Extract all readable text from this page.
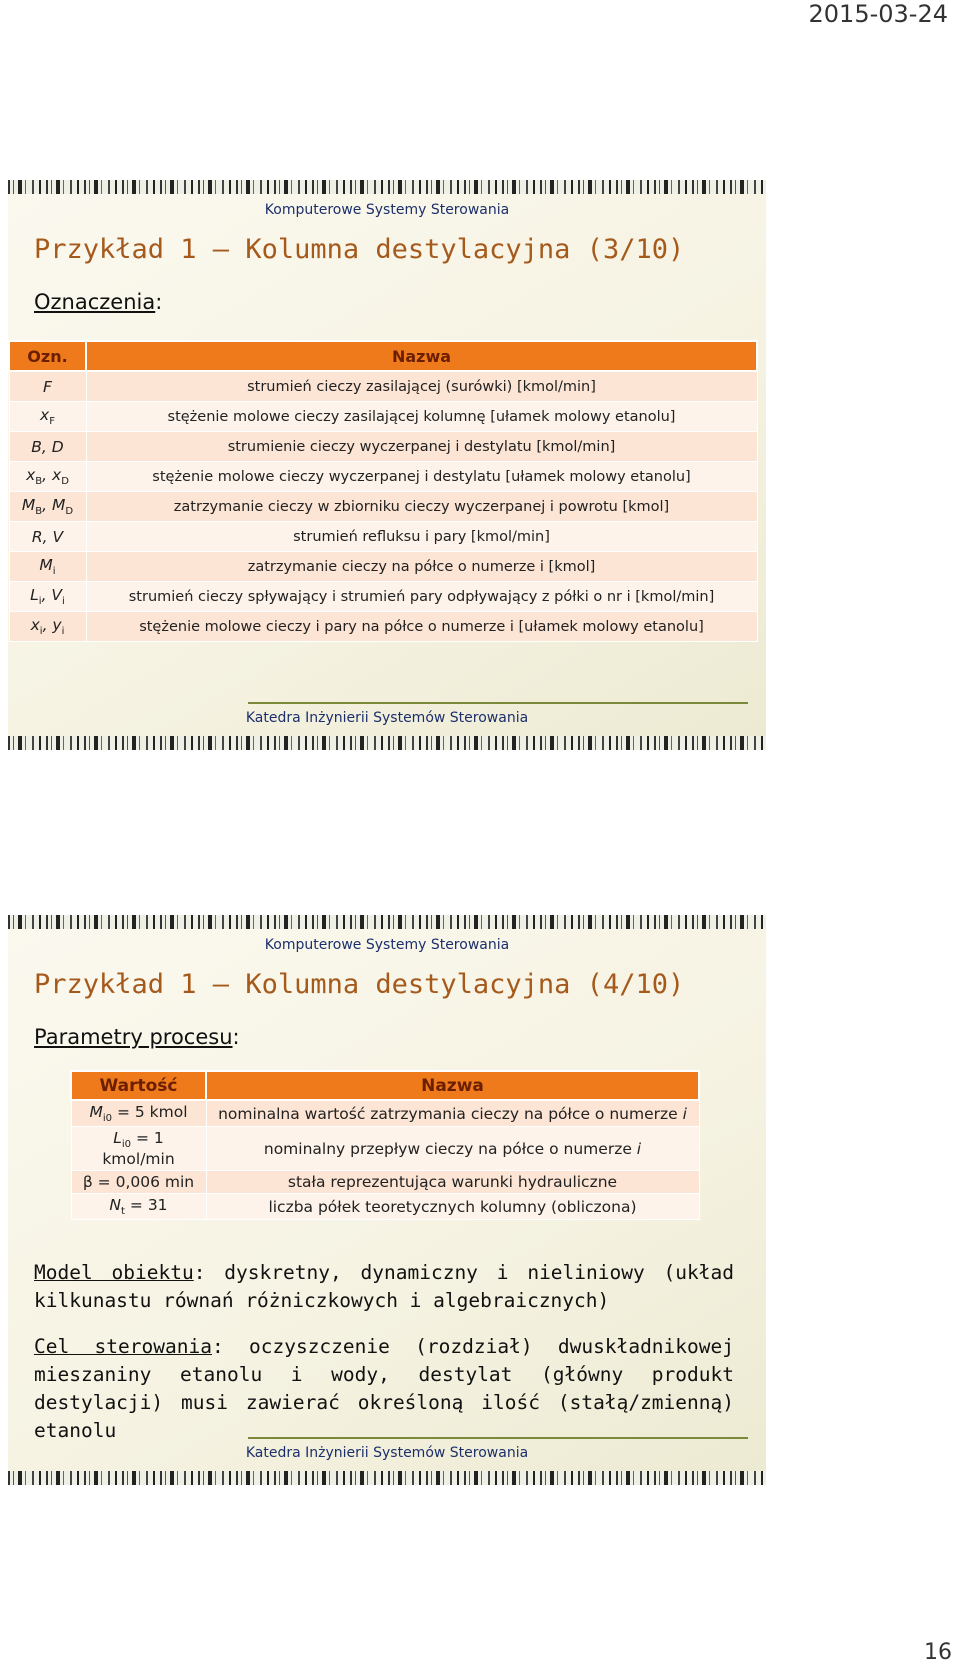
2015-03-24
Komputerowe Systemy Sterowania
Przykład 1 – Kolumna destylacyjna (3/10)
Oznaczenia:
Ozn.	Nazwa
F	strumień cieczy zasilającej (surówki) [kmol/min]
$x_F$	stężenie molowe cieczy zasilającej kolumnę [ułamek molowy etanolu]
B, D	strumienie cieczy wyczerpanej i destylatu [kmol/min]
$x_B$, $x_D$	stężenie molowe cieczy wyczerpanej i destylatu [ułamek molowy etanolu]
$M_B$, $M_D$	zatrzymanie cieczy w zbiorniku cieczy wyczerpanej i powrotu [kmol]
R, V	strumień refluksu i pary [kmol/min]
$M_i$	zatrzymanie cieczy na półce o numerze i [kmol]
$L_i$, $V_i$	strumień cieczy spływający i strumień pary odpływający z półki o nr i [kmol/min]
$x_i$, $y_i$	stężenie molowe cieczy i pary na półce o numerze i [ułamek molowy etanolu]
Katedra Inżynierii Systemów Sterowania
Komputerowe Systemy Sterowania
Przykład 1 – Kolumna destylacyjna (4/10)
Parametry procesu:
Wartość	Nazwa
$M_{i0} = 5$ kmol	nominalna wartość zatrzymania cieczy na półce o numerze i
$L_{i0} = 1$ kmol/min	nominalny przepływ cieczy na półce o numerze i
β = 0,006 min	stała reprezentująca warunki hydrauliczne
$N_t = 31$	liczba półek teoretycznych kolumny (obliczona)
Model obiektu: dyskretny, dynamiczny i nieliniowy (układ kilkunastu równań różniczkowych i algebraicznych)
Cel sterowania: oczyszczenie (rozdział) dwuskładnikowej mieszaniny etanolu i wody, destylat (główny produkt destylacji) musi zawierać określoną ilość (stałą/zmienną) etanolu
Katedra Inżynierii Systemów Sterowania
16
